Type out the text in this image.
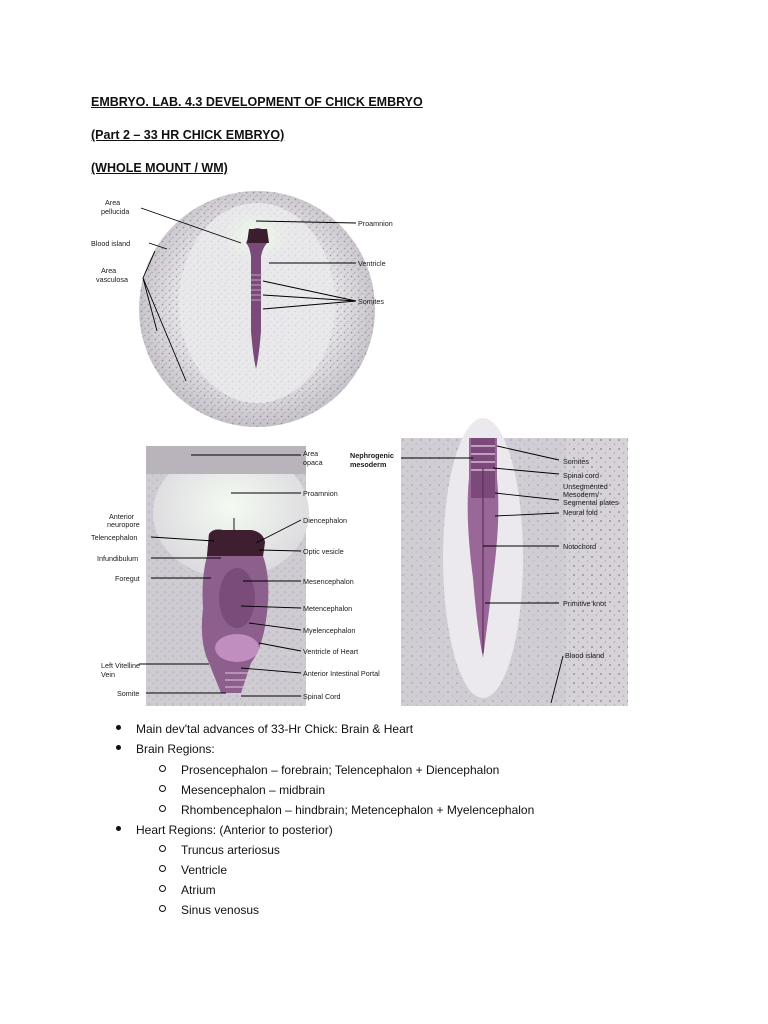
EMBRYO. LAB. 4.3 DEVELOPMENT OF CHICK EMBRYO
(Part 2 – 33 HR CHICK EMBRYO)
(WHOLE MOUNT / WM)
Area
pellucida
Blood island
Area
vasculosa
Proamnion
Ventricle
Somites
Area
opaca
Proamnion
Anterior
neuropore	Diencephalon
Telencephalon
Optic vesicle
Infundibulum
Foregut	Mesencephalon
Metencephalon
Myelencephalon
Ventricle of Heart
Left Vitelline
Vein	Anterior Intestinal Portal
Somite	Spinal Cord
Nephrogenic
mesoderm	Somites
Spinal cord
Unsegmented
Mesoderm/
Segmental plates
Neural fold
Notochord
Primitive knot
Blood island
Main dev'tal advances of 33-Hr Chick: Brain & Heart
Brain Regions:
Prosencephalon – forebrain; Telencephalon + Diencephalon
Mesencephalon – midbrain
Rhombencephalon – hindbrain; Metencephalon + Myelencephalon
Heart Regions: (Anterior to posterior)
Truncus arteriosus
Ventricle
Atrium
Sinus venosus
